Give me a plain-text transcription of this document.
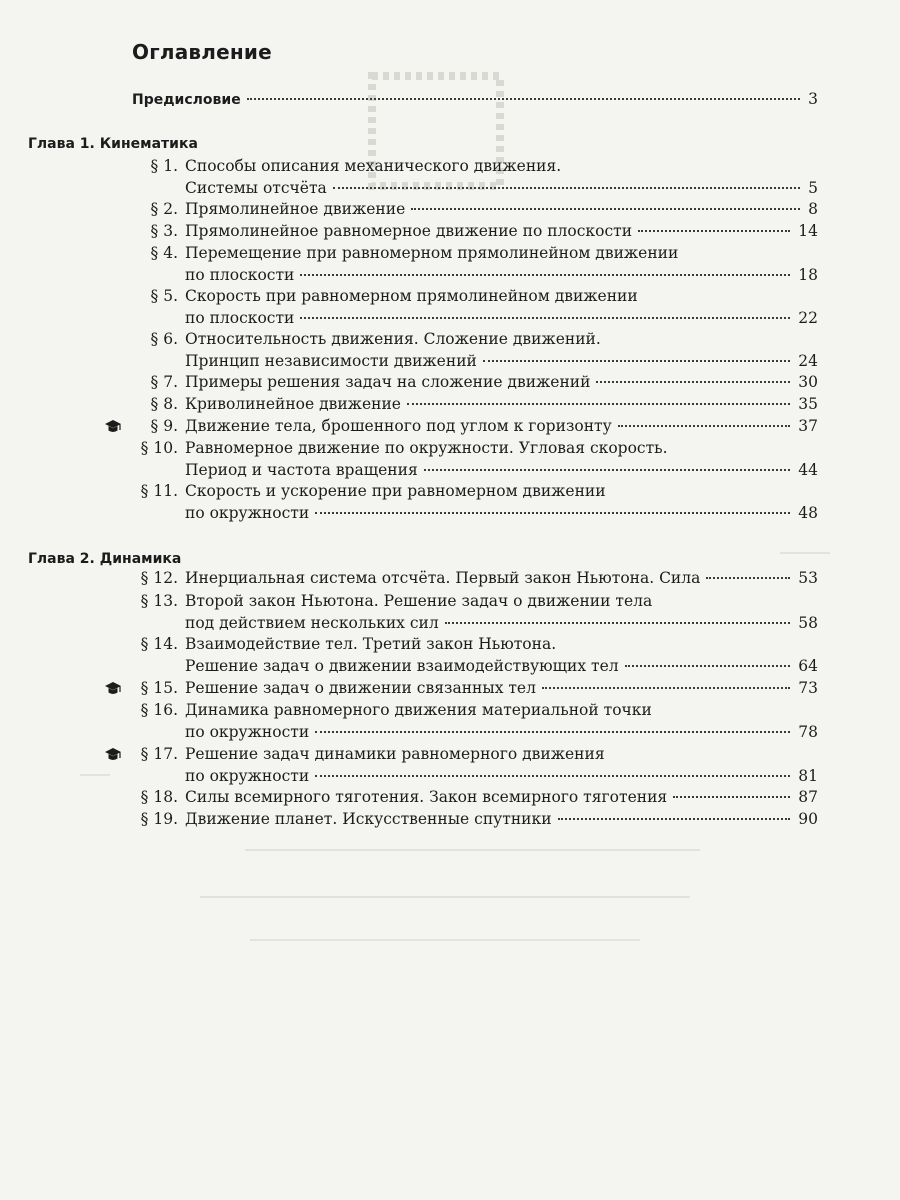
Оглавление
Предисловие	3
Глава 1. Кинематика
§ 1. Способы описания механического движения.
Системы отсчёта	5
§ 2. Прямолинейное движение	8
§ 3. Прямолинейное равномерное движение по плоскости	14
§ 4. Перемещение при равномерном прямолинейном движении
по плоскости	18
§ 5. Скорость при равномерном прямолинейном движении
по плоскости	22
§ 6. Относительность движения. Сложение движений.
Принцип независимости движений	24
§ 7. Примеры решения задач на сложение движений	30
§ 8. Криволинейное движение	35
§ 9. Движение тела, брошенного под углом к горизонту	37
§ 10. Равномерное движение по окружности. Угловая скорость.
Период и частота вращения	44
§ 11. Скорость и ускорение при равномерном движении
по окружности	48
Глава 2. Динамика
§ 12. Инерциальная система отсчёта. Первый закон Ньютона. Сила	53
§ 13. Второй закон Ньютона. Решение задач о движении тела
под действием нескольких сил	58
§ 14. Взаимодействие тел. Третий закон Ньютона.
Решение задач о движении взаимодействующих тел	64
§ 15. Решение задач о движении связанных тел	73
§ 16. Динамика равномерного движения материальной точки
по окружности	78
§ 17. Решение задач динамики равномерного движения
по окружности	81
§ 18. Силы всемирного тяготения. Закон всемирного тяготения	87
§ 19. Движение планет. Искусственные спутники	90
